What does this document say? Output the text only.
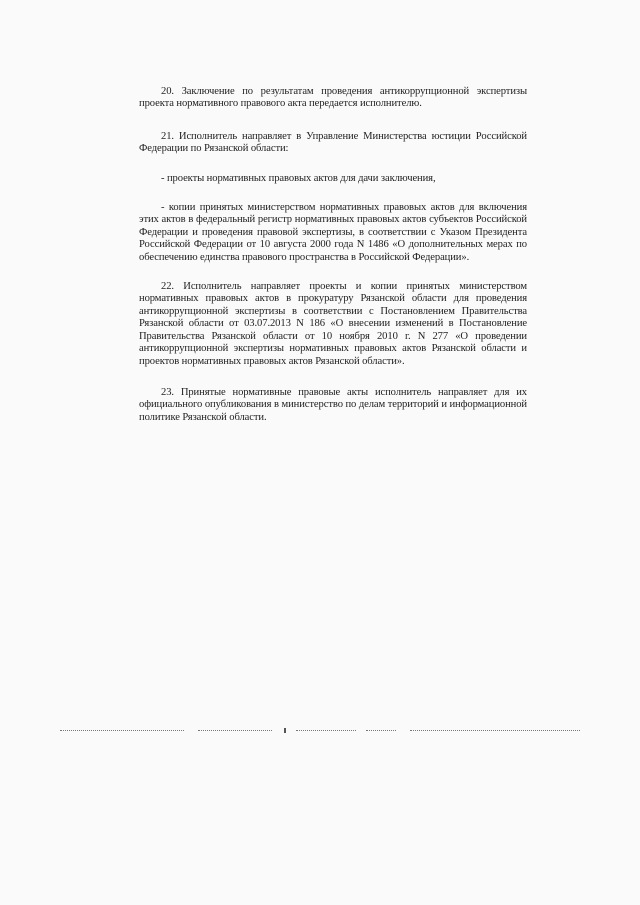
20. Заключение по результатам проведения антикоррупционной экспертизы проекта нормативного правового акта передается исполнителю.

21. Исполнитель направляет в Управление Министерства юстиции Российской Федерации по Рязанской области:

- проекты нормативных правовых актов для дачи заключения,

- копии принятых министерством нормативных правовых актов для включения этих актов в федеральный регистр нормативных правовых актов субъектов Российской Федерации и проведения правовой экспертизы, в соответствии с Указом Президента Российской Федерации от 10 августа 2000 года N 1486 «О дополнительных мерах по обеспечению единства правового пространства в Российской Федерации».

22. Исполнитель направляет проекты и копии принятых министерством нормативных правовых актов в прокуратуру Рязанской области для проведения антикоррупционной экспертизы в соответствии с Постановлением Правительства Рязанской области от 03.07.2013 N 186 «О внесении изменений в Постановление Правительства Рязанской области от 10 ноября 2010 г. N 277 «О проведении антикоррупционной экспертизы нормативных правовых актов Рязанской области и проектов нормативных правовых актов Рязанской области».

23. Принятые нормативные правовые акты исполнитель направляет для их официального опубликования в министерство по делам территорий и информационной политике Рязанской области.
